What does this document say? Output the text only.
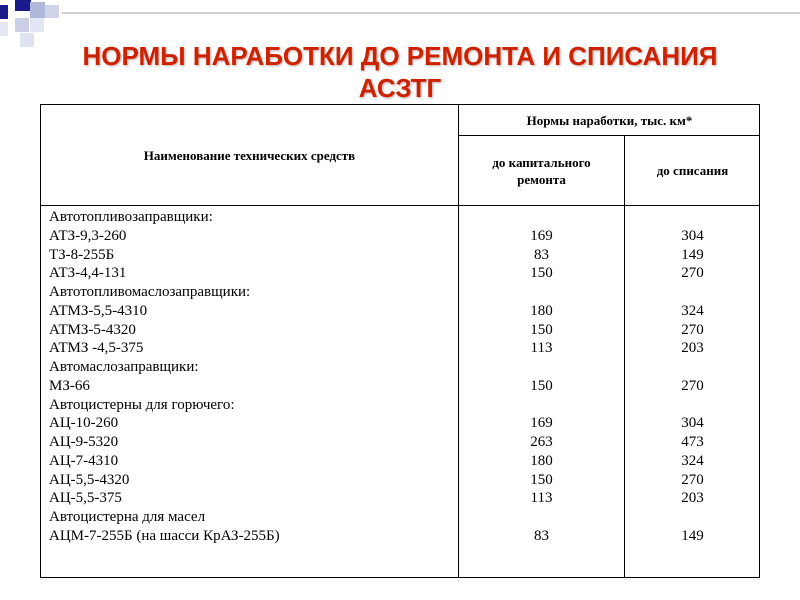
НОРМЫ НАРАБОТКИ ДО РЕМОНТА И СПИСАНИЯ
АСЗТГ
Наименование технических средств
Нормы наработки, тыс. км*
до капитального ремонта
до списания
Автотопливозаправщики:
АТЗ-9,3-260
ТЗ-8-255Б
АТЗ-4,4-131
Автотопливомаслозаправщики:
АТМЗ-5,5-4310
АТМЗ-5-4320
АТМЗ -4,5-375
Автомаслозаправщики:
МЗ-66
Автоцистерны для горючего:
АЦ-10-260
АЦ-9-5320
АЦ-7-4310
АЦ-5,5-4320
АЦ-5,5-375
Автоцистерна для масел
АЦМ-7-255Б (на шасси КрАЗ-255Б)
169
83
150
180
150
113
150
169
263
180
150
113
83
304
149
270
324
270
203
270
304
473
324
270
203
149
